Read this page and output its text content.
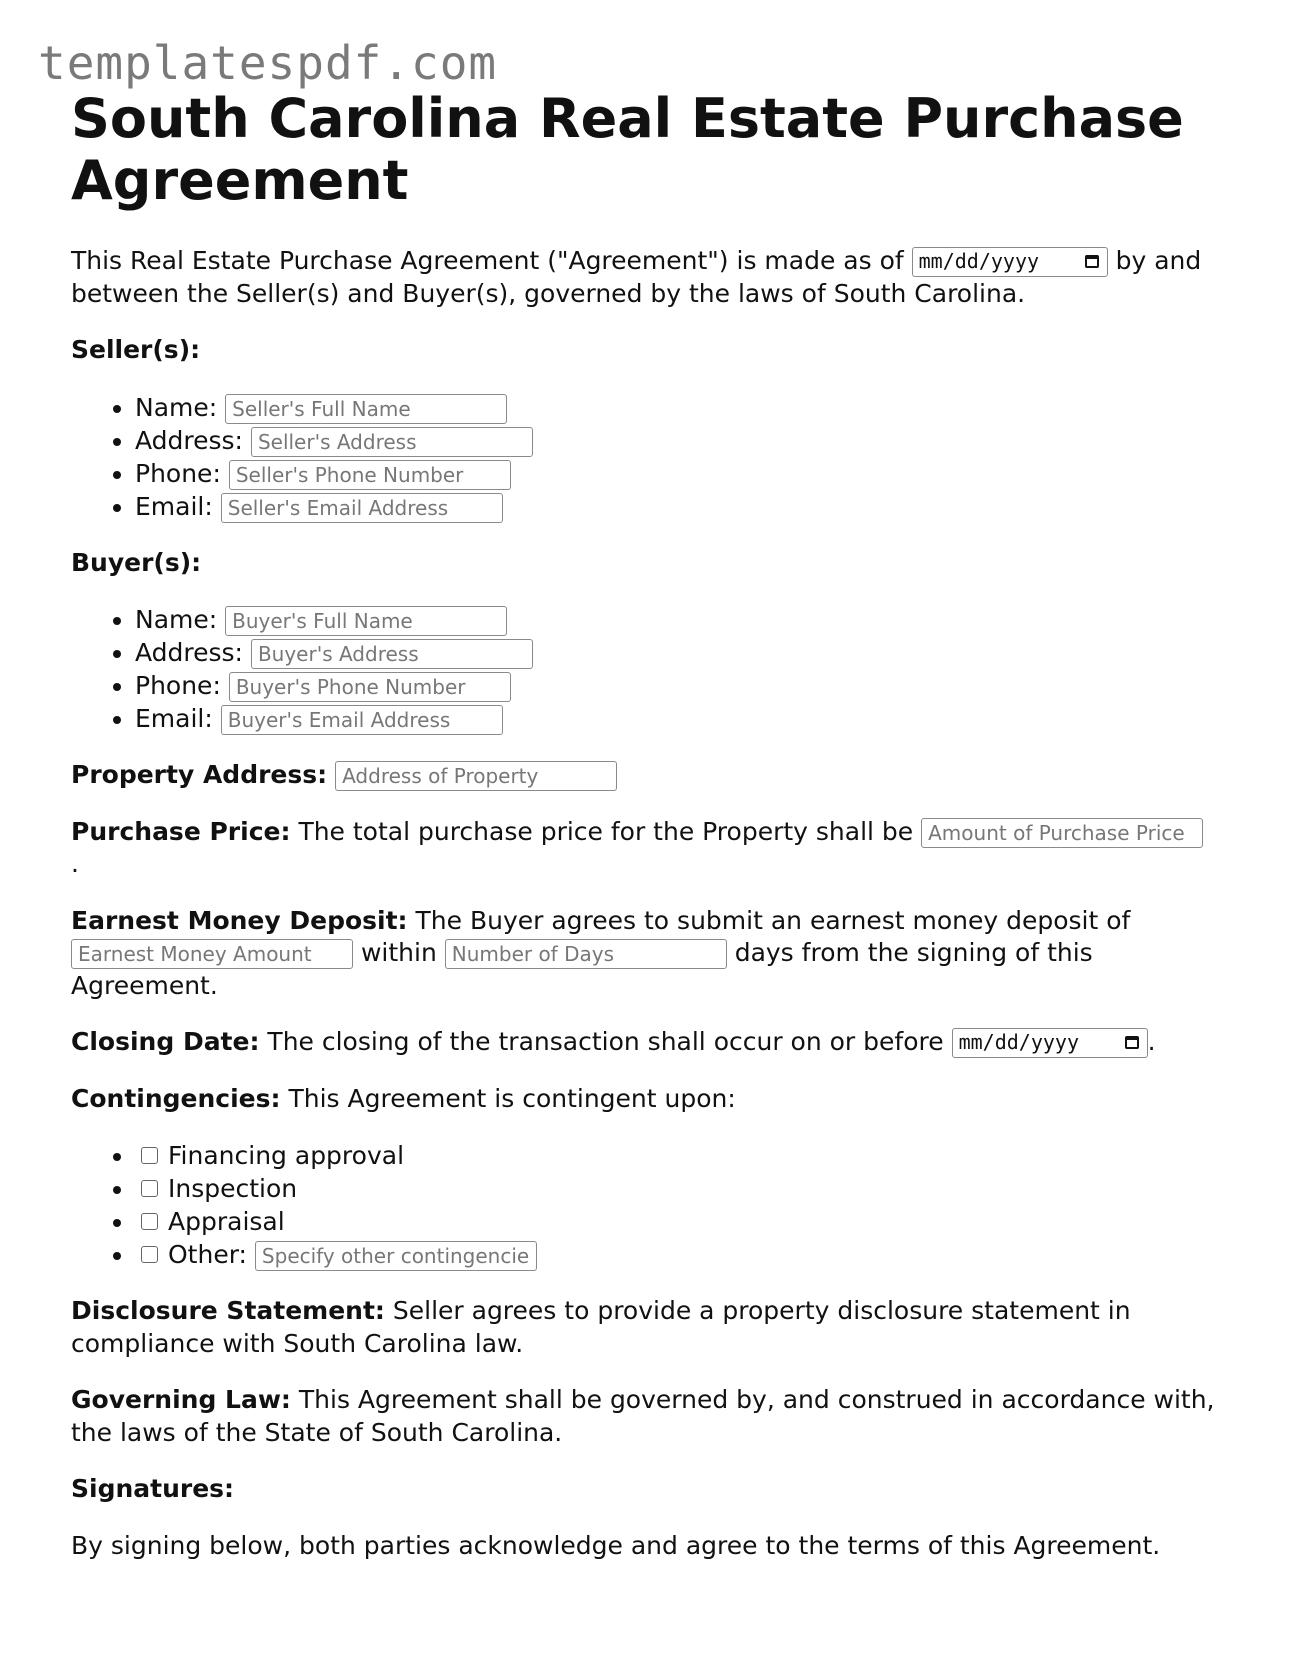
templatespdf.com
South Carolina Real Estate Purchase Agreement

This Real Estate Purchase Agreement ("Agreement") is made as of mm/dd/yyyy	by and between the Seller(s) and Buyer(s), governed by the laws of South Carolina.

Seller(s):

• Name: Seller's Full Name
• Address: Seller's Address
• Phone: Seller's Phone Number
• Email: Seller's Email Address

Buyer(s):

• Name: Buyer's Full Name
• Address: Buyer's Address
• Phone: Buyer's Phone Number
• Email: Buyer's Email Address

Property Address: Address of Property

Purchase Price: The total purchase price for the Property shall be Amount of Purchase Price
.

Earnest Money Deposit: The Buyer agrees to submit an earnest money deposit of Earnest Money Amount within Number of Days	days from the signing of this Agreement.

Closing Date: The closing of the transaction shall occur on or before mm/dd/yyyy	.

Contingencies: This Agreement is contingent upon:

• Financing approval
• Inspection
• Appraisal
• Other: Specify other contingencies

Disclosure Statement: Seller agrees to provide a property disclosure statement in compliance with South Carolina law.

Governing Law: This Agreement shall be governed by, and construed in accordance with, the laws of the State of South Carolina.

Signatures:

By signing below, both parties acknowledge and agree to the terms of this Agreement.
